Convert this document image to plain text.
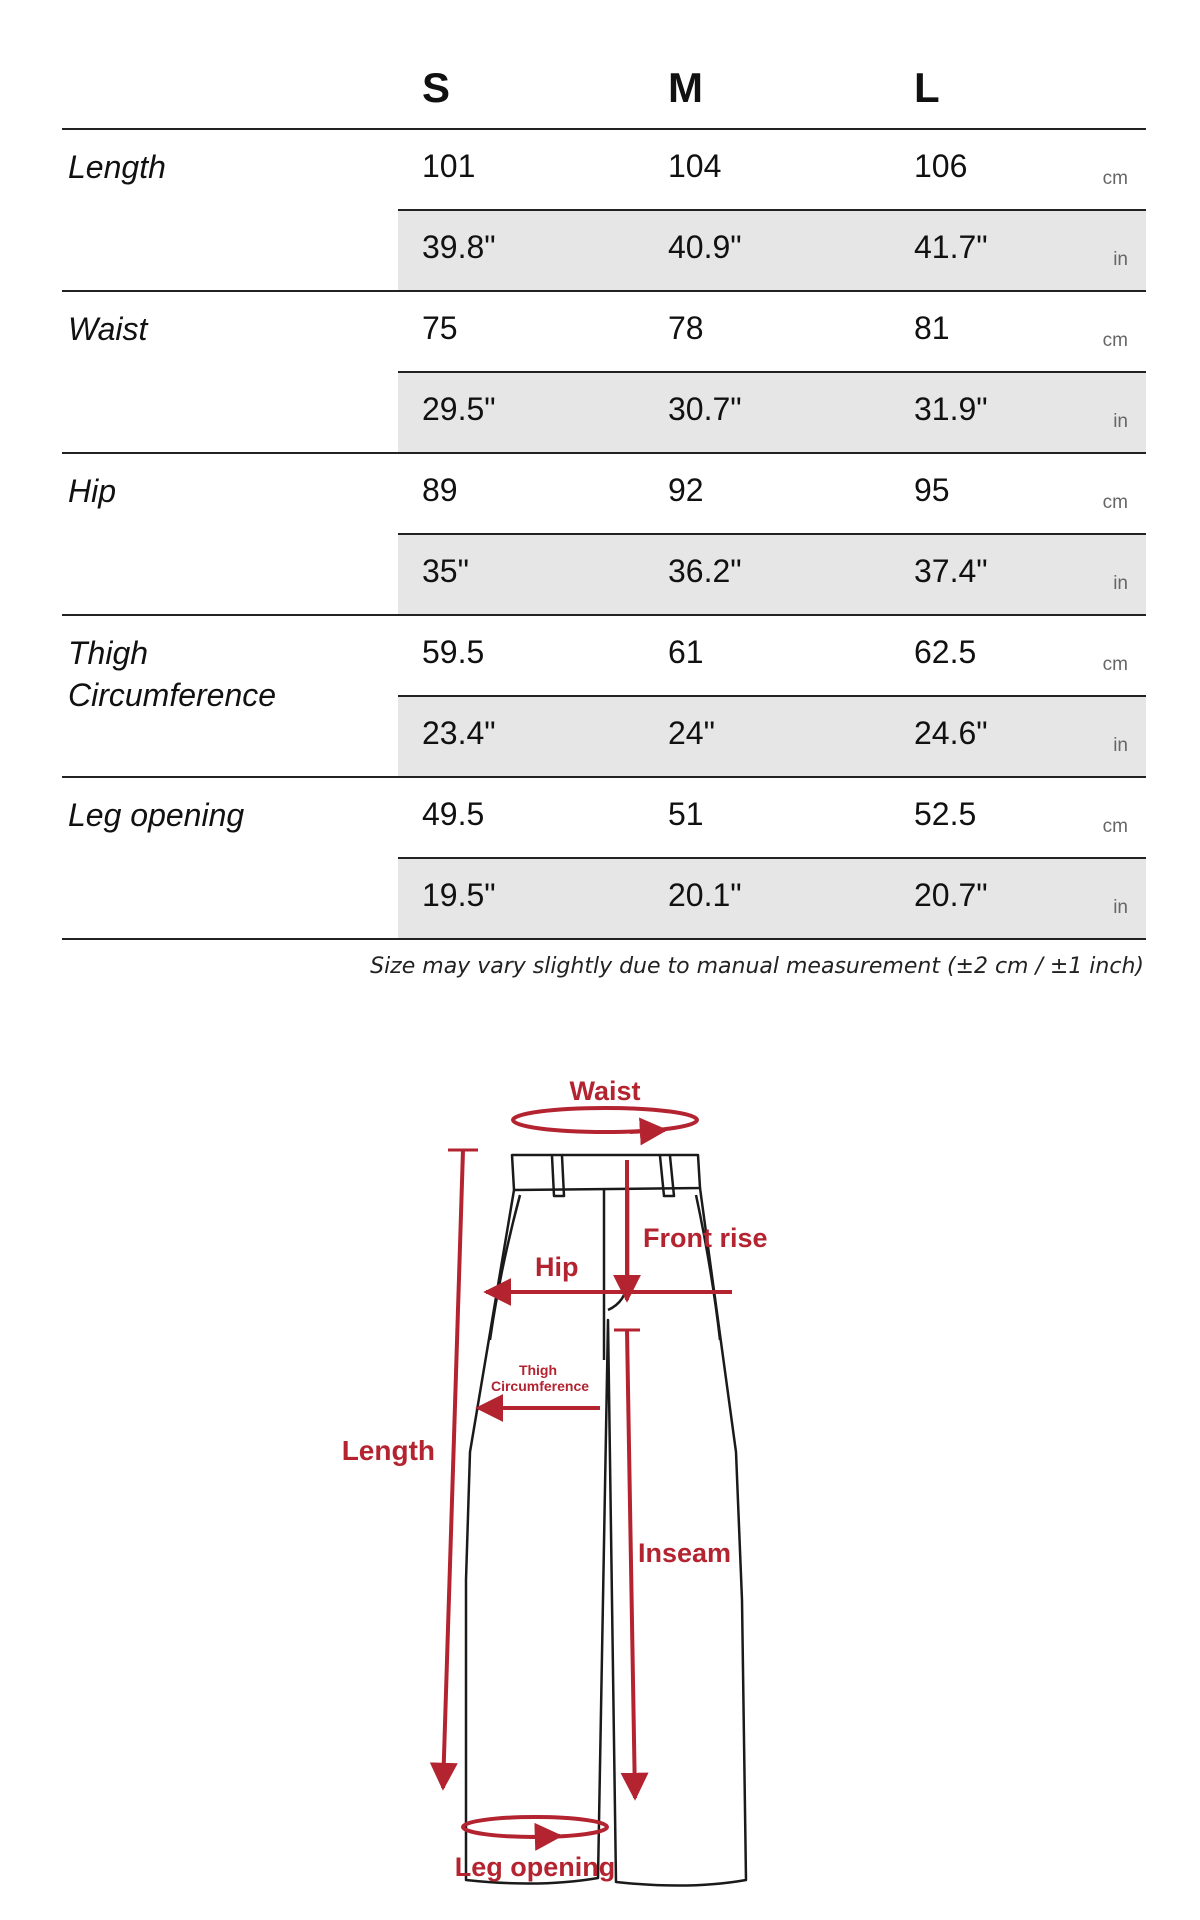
S	M	L
Length	101	104	106	cm
39.8"	40.9"	41.7"	in
Waist	75	78	81	cm
29.5"	30.7"	31.9"	in
Hip	89	92	95	cm
35"	36.2"	37.4"	in
Thigh
Circumference
59.5	61	62.5	cm
23.4"	24"	24.6"	in
Leg opening	49.5	51	52.5	cm
19.5"	20.1"	20.7"	in
Size may vary slightly due to manual measurement (±2 cm / ±1 inch)
Waist
Length
Front rise
Hip
Thigh
Circumference
Inseam
Leg opening
